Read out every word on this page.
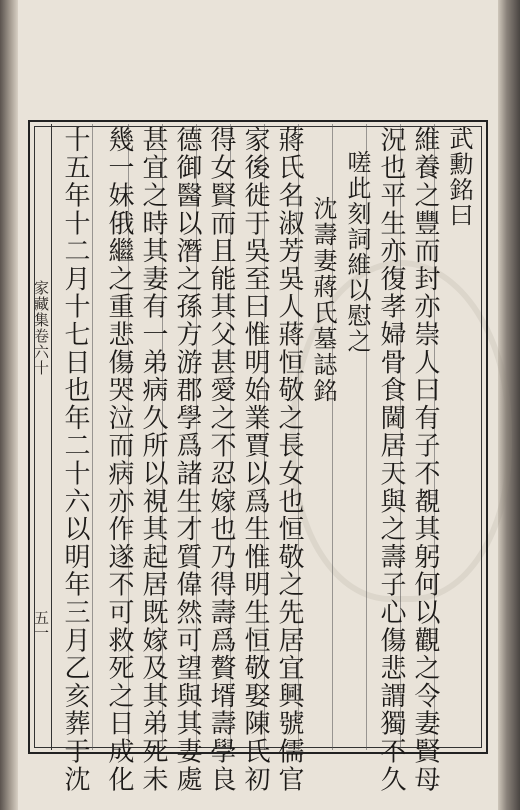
家藏集卷六十
五一
武勳銘曰
維養之豐而封亦崇人曰有子不覩其躬何以觀之令妻賢母
況也平生亦復孝婦骨食閫居天與之壽子心傷悲謂獨不久
嗟此刻詞維以慰之
沈壽妻蔣氏墓誌銘
蔣氏名淑芳吳人蔣恒敬之長女也恒敬之先居宜興號儒官
家後徙于吳至曰惟明始業賈以爲生惟明生恒敬娶陳氏初
得女賢而且能其父甚愛之不忍嫁也乃得壽爲贅壻壽學良
德御醫以潛之孫方游郡學爲諸生才質偉然可望與其妻處
甚宜之時其妻有一弟病久所以視其起居既嫁及其弟死未
幾一妹俄繼之重悲傷哭泣而病亦作遂不可救死之日成化
十五年十二月十七日也年二十六以明年三月乙亥葬于沈
